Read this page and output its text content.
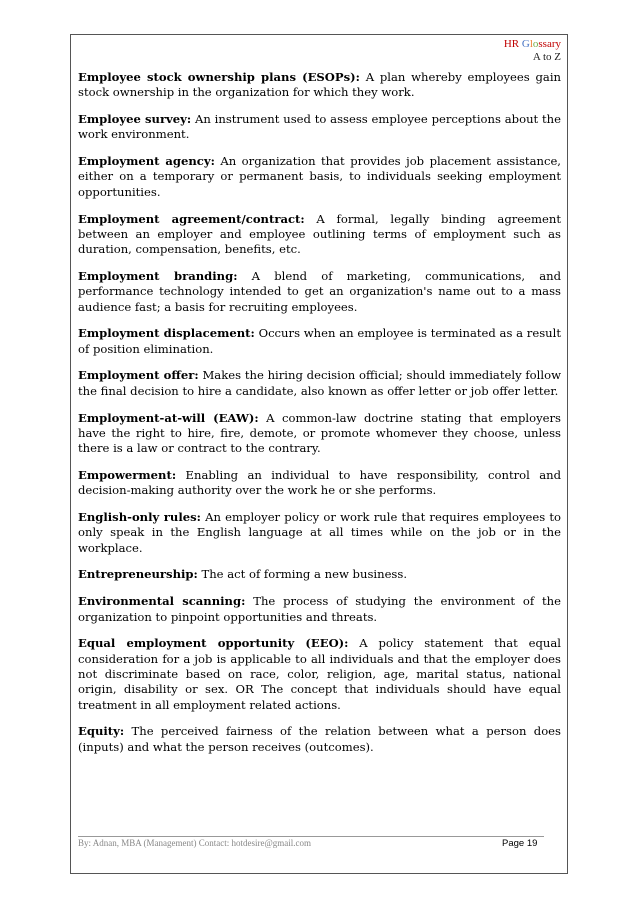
HR Glossary
A to Z

Employee stock ownership plans (ESOPs): A plan whereby employees gain stock ownership in the organization for which they work.

Employee survey: An instrument used to assess employee perceptions about the work environment.

Employment agency: An organization that provides job placement assistance, either on a temporary or permanent basis, to individuals seeking employment opportunities.

Employment agreement/contract: A formal, legally binding agreement between an employer and employee outlining terms of employment such as duration, compensation, benefits, etc.

Employment branding: A blend of marketing, communications, and performance technology intended to get an organization's name out to a mass audience fast; a basis for recruiting employees.

Employment displacement: Occurs when an employee is terminated as a result of position elimination.

Employment offer: Makes the hiring decision official; should immediately follow the final decision to hire a candidate, also known as offer letter or job offer letter.

Employment-at-will (EAW): A common-law doctrine stating that employers have the right to hire, fire, demote, or promote whomever they choose, unless there is a law or contract to the contrary.

Empowerment: Enabling an individual to have responsibility, control and decision-making authority over the work he or she performs.

English-only rules: An employer policy or work rule that requires employees to only speak in the English language at all times while on the job or in the workplace.

Entrepreneurship: The act of forming a new business.

Environmental scanning: The process of studying the environment of the organization to pinpoint opportunities and threats.

Equal employment opportunity (EEO): A policy statement that equal consideration for a job is applicable to all individuals and that the employer does not discriminate based on race, color, religion, age, marital status, national origin, disability or sex. OR The concept that individuals should have equal treatment in all employment related actions.

Equity: The perceived fairness of the relation between what a person does (inputs) and what the person receives (outcomes).

By: Adnan, MBA (Management) Contact: hotdesire@gmail.com	Page 19
